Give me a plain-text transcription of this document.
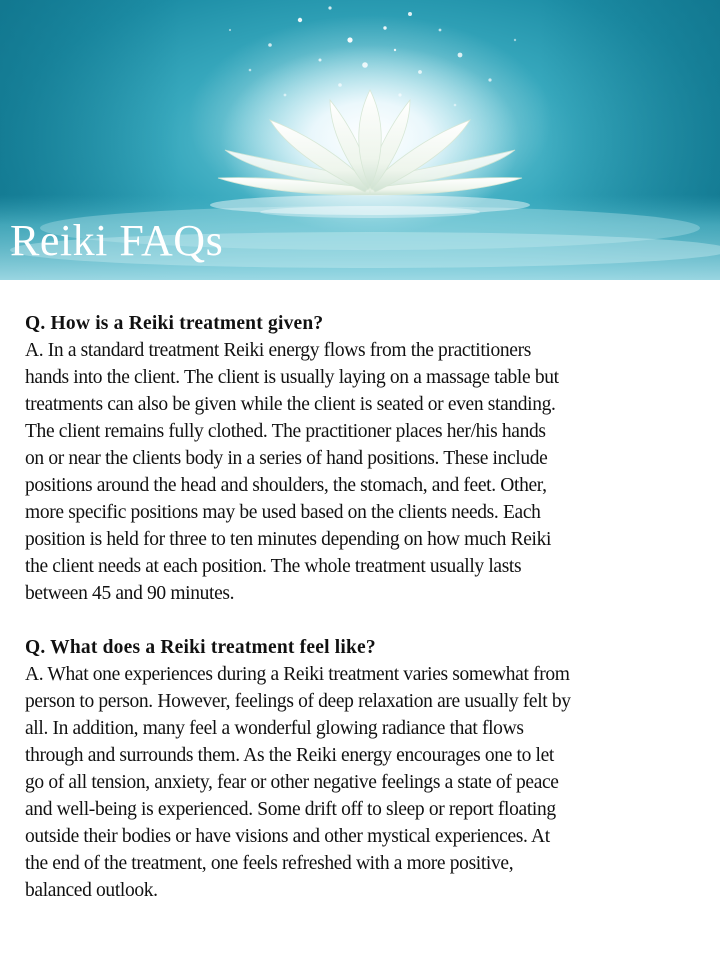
Reiki FAQs

Q. How is a Reiki treatment given?

A. In a standard treatment Reiki energy flows from the practitioners
hands into the client. The client is usually laying on a massage table but
treatments can also be given while the client is seated or even standing.
The client remains fully clothed. The practitioner places her/his hands
on or near the clients body in a series of hand positions. These include
positions around the head and shoulders, the stomach, and feet. Other,
more specific positions may be used based on the clients needs. Each
position is held for three to ten minutes depending on how much Reiki
the client needs at each position. The whole treatment usually lasts
between 45 and 90 minutes.

Q. What does a Reiki treatment feel like?

A. What one experiences during a Reiki treatment varies somewhat from
person to person. However, feelings of deep relaxation are usually felt by
all. In addition, many feel a wonderful glowing radiance that flows
through and surrounds them. As the Reiki energy encourages one to let
go of all tension, anxiety, fear or other negative feelings a state of peace
and well-being is experienced. Some drift off to sleep or report floating
outside their bodies or have visions and other mystical experiences. At
the end of the treatment, one feels refreshed with a more positive,
balanced outlook.
